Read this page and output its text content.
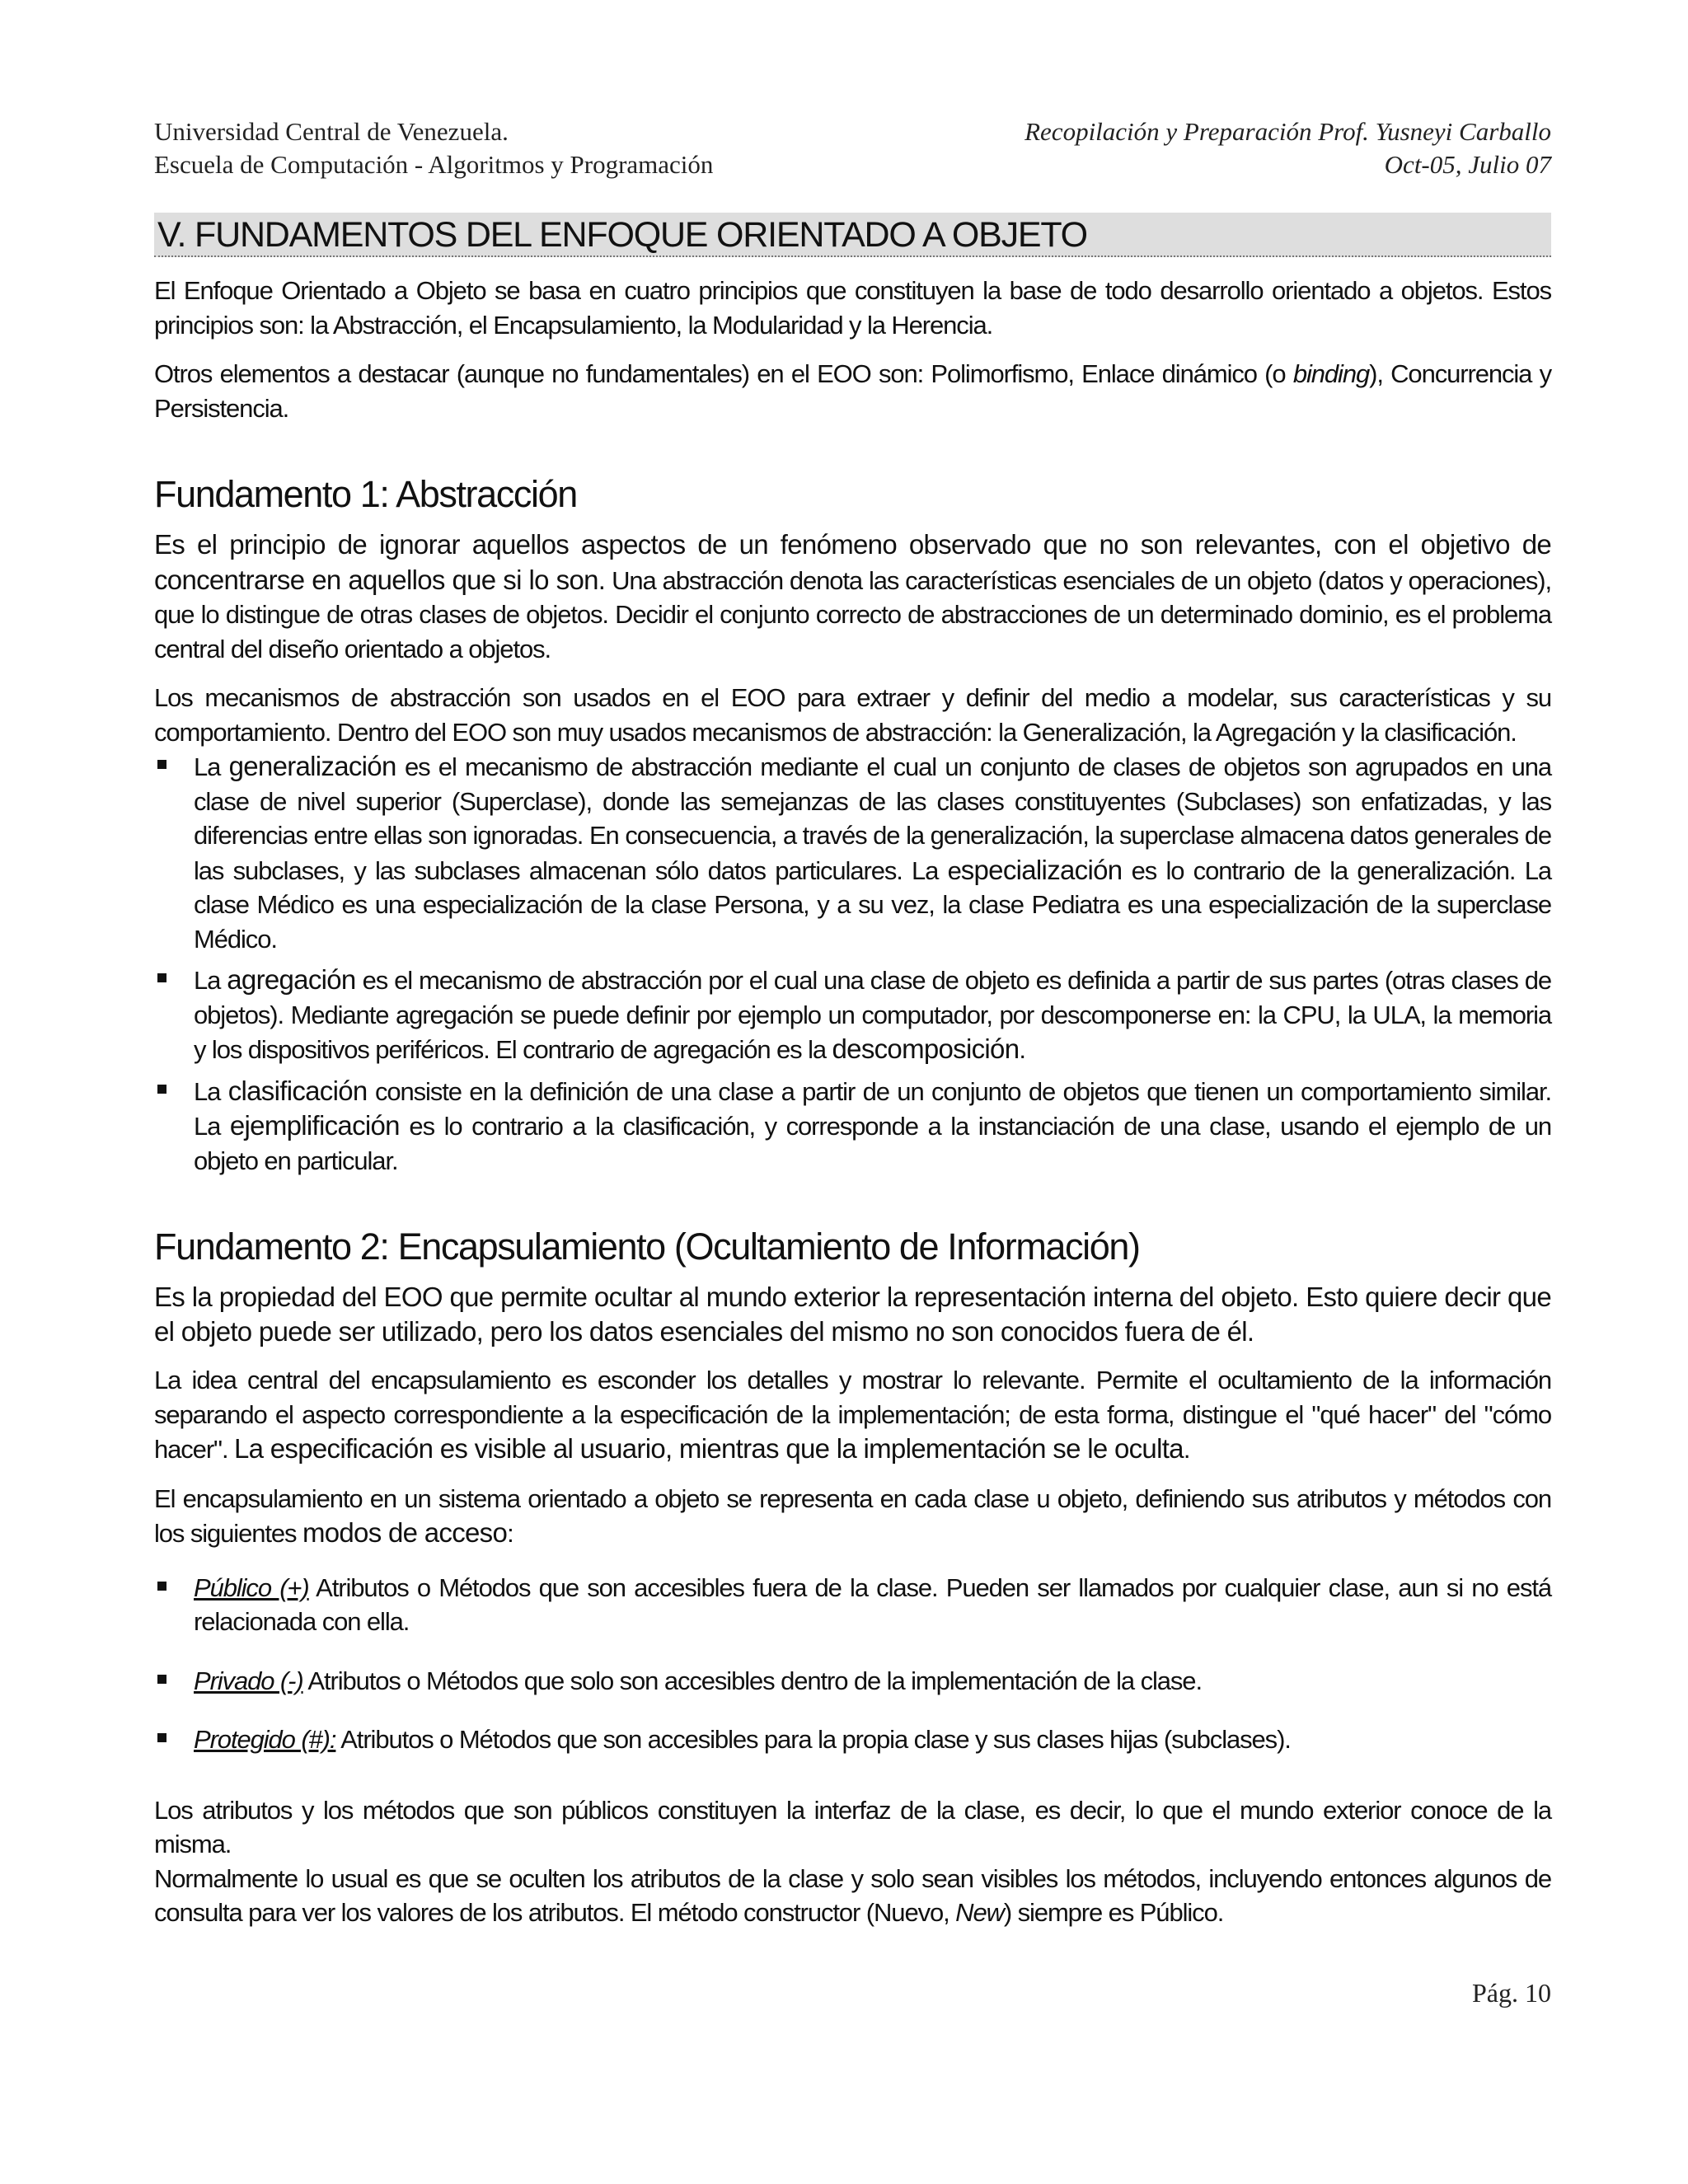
Universidad Central de Venezuela.	Recopilación y Preparación Prof. Yusneyi Carballo
Escuela de Computación - Algoritmos y Programación	Oct-05, Julio 07
V. FUNDAMENTOS DEL ENFOQUE ORIENTADO A OBJETO

El Enfoque Orientado a Objeto se basa en cuatro principios que constituyen la base de todo desarrollo orientado a objetos. Estos principios son: la Abstracción, el Encapsulamiento, la Modularidad y la Herencia.

Otros elementos a destacar (aunque no fundamentales) en el EOO son: Polimorfismo, Enlace dinámico (o binding), Concurrencia y Persistencia.

Fundamento 1: Abstracción

Es el principio de ignorar aquellos aspectos de un fenómeno observado que no son relevantes, con el objetivo de concentrarse en aquellos que si lo son. Una abstracción denota las características esenciales de un objeto (datos y operaciones), que lo distingue de otras clases de objetos. Decidir el conjunto correcto de abstracciones de un determinado dominio, es el problema central del diseño orientado a objetos.

Los mecanismos de abstracción son usados en el EOO para extraer y definir del medio a modelar, sus características y su comportamiento. Dentro del EOO son muy usados mecanismos de abstracción: la Generalización, la Agregación y la clasificación.

La generalización es el mecanismo de abstracción mediante el cual un conjunto de clases de objetos son agrupados en una clase de nivel superior (Superclase), donde las semejanzas de las clases constituyentes (Subclases) son enfatizadas, y las diferencias entre ellas son ignoradas. En consecuencia, a través de la generalización, la superclase almacena datos generales de las subclases, y las subclases almacenan sólo datos particulares. La especialización es lo contrario de la generalización. La clase Médico es una especialización de la clase Persona, y a su vez, la clase Pediatra es una especialización de la superclase Médico.
La agregación es el mecanismo de abstracción por el cual una clase de objeto es definida a partir de sus partes (otras clases de objetos). Mediante agregación se puede definir por ejemplo un computador, por descomponerse en: la CPU, la ULA, la memoria y los dispositivos periféricos. El contrario de agregación es la descomposición.
La clasificación consiste en la definición de una clase a partir de un conjunto de objetos que tienen un comportamiento similar. La ejemplificación es lo contrario a la clasificación, y corresponde a la instanciación de una clase, usando el ejemplo de un objeto en particular.
Fundamento 2: Encapsulamiento (Ocultamiento de Información)

Es la propiedad del EOO que permite ocultar al mundo exterior la representación interna del objeto. Esto quiere decir que el objeto puede ser utilizado, pero los datos esenciales del mismo no son conocidos fuera de él.

La idea central del encapsulamiento es esconder los detalles y mostrar lo relevante. Permite el ocultamiento de la información separando el aspecto correspondiente a la especificación de la implementación; de esta forma, distingue el "qué hacer" del "cómo hacer". La especificación es visible al usuario, mientras que la implementación se le oculta.

El encapsulamiento en un sistema orientado a objeto se representa en cada clase u objeto, definiendo sus atributos y métodos con los siguientes modos de acceso:

Público (+) Atributos o Métodos que son accesibles fuera de la clase. Pueden ser llamados por cualquier clase, aun si no está relacionada con ella.
Privado (-) Atributos o Métodos que solo son accesibles dentro de la implementación de la clase.
Protegido (#): Atributos o Métodos que son accesibles para la propia clase y sus clases hijas (subclases).

Los atributos y los métodos que son públicos constituyen la interfaz de la clase, es decir, lo que el mundo exterior conoce de la misma.

Normalmente lo usual es que se oculten los atributos de la clase y solo sean visibles los métodos, incluyendo entonces algunos de consulta para ver los valores de los atributos. El método constructor (Nuevo, New) siempre es Público.

Pág. 10
